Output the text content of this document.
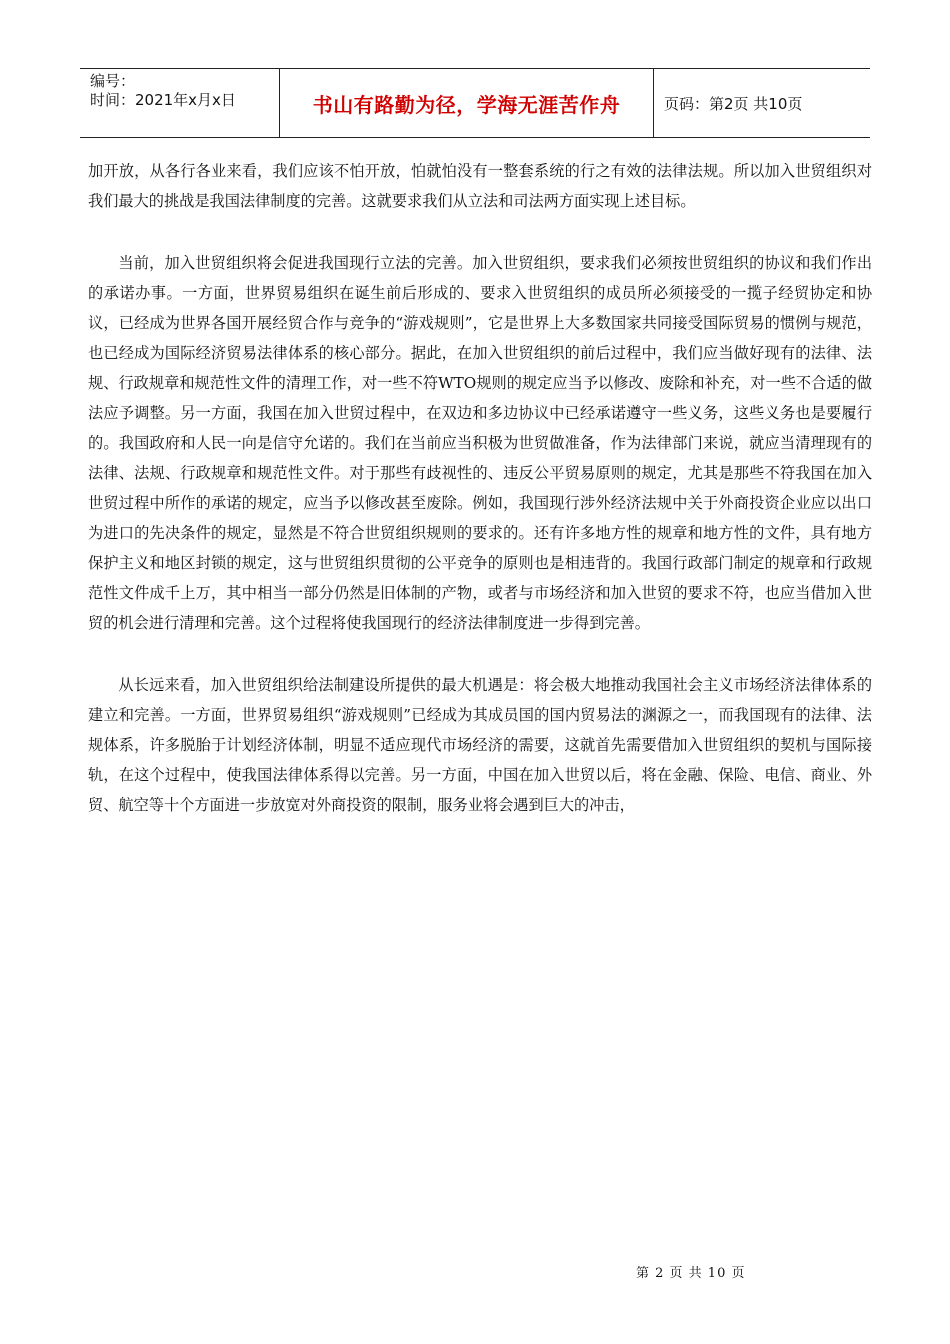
编号：
时间：2021年x月x日	书山有路勤为径，学海无涯苦作舟	页码：第2页 共10页

加开放，从各行各业来看，我们应该不怕开放，怕就怕没有一整套系统的行之有效的法律法规。所以加入世贸组织对我们最大的挑战是我国法律制度的完善。这就要求我们从立法和司法两方面实现上述目标。

当前，加入世贸组织将会促进我国现行立法的完善。加入世贸组织，要求我们必须按世贸组织的协议和我们作出的承诺办事。一方面，世界贸易组织在诞生前后形成的、要求入世贸组织的成员所必须接受的一揽子经贸协定和协议，已经成为世界各国开展经贸合作与竞争的“游戏规则”，它是世界上大多数国家共同接受国际贸易的惯例与规范，也已经成为国际经济贸易法律体系的核心部分。据此，在加入世贸组织的前后过程中，我们应当做好现有的法律、法规、行政规章和规范性文件的清理工作，对一些不符WTO规则的规定应当予以修改、废除和补充，对一些不合适的做法应予调整。另一方面，我国在加入世贸过程中，在双边和多边协议中已经承诺遵守一些义务，这些义务也是要履行的。我国政府和人民一向是信守允诺的。我们在当前应当积极为世贸做准备，作为法律部门来说，就应当清理现有的法律、法规、行政规章和规范性文件。对于那些有歧视性的、违反公平贸易原则的规定，尤其是那些不符我国在加入世贸过程中所作的承诺的规定，应当予以修改甚至废除。例如，我国现行涉外经济法规中关于外商投资企业应以出口为进口的先决条件的规定，显然是不符合世贸组织规则的要求的。还有许多地方性的规章和地方性的文件，具有地方保护主义和地区封锁的规定，这与世贸组织贯彻的公平竞争的原则也是相违背的。我国行政部门制定的规章和行政规范性文件成千上万，其中相当一部分仍然是旧体制的产物，或者与市场经济和加入世贸的要求不符，也应当借加入世贸的机会进行清理和完善。这个过程将使我国现行的经济法律制度进一步得到完善。

从长远来看，加入世贸组织给法制建设所提供的最大机遇是：将会极大地推动我国社会主义市场经济法律体系的建立和完善。一方面，世界贸易组织“游戏规则”已经成为其成员国的国内贸易法的渊源之一，而我国现有的法律、法规体系，许多脱胎于计划经济体制，明显不适应现代市场经济的需要，这就首先需要借加入世贸组织的契机与国际接轨，在这个过程中，使我国法律体系得以完善。另一方面，中国在加入世贸以后，将在金融、保险、电信、商业、外贸、航空等十个方面进一步放宽对外商投资的限制，服务业将会遇到巨大的冲击，

第 2 页 共 10 页
